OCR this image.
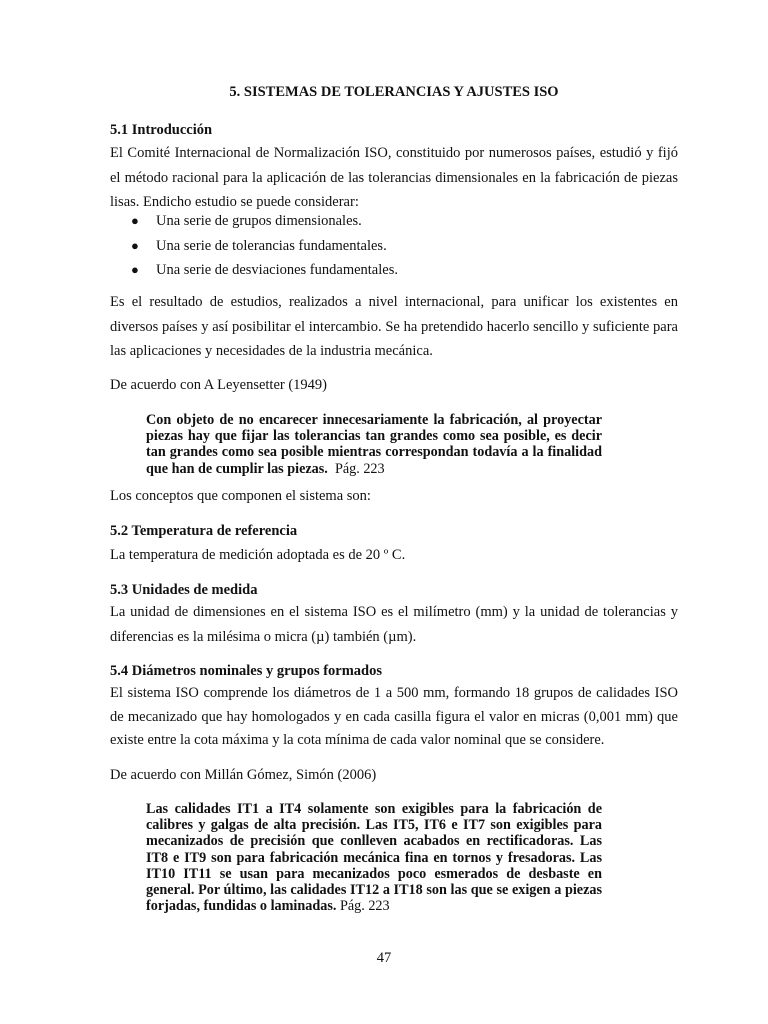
5. SISTEMAS DE TOLERANCIAS Y AJUSTES ISO

5.1 Introducción

El Comité Internacional de Normalización ISO, constituido por numerosos países, estudió y fijó el método racional para la aplicación de las tolerancias dimensionales en la fabricación de piezas lisas. Endicho estudio se puede considerar:

● Una serie de grupos dimensionales.
● Una serie de tolerancias fundamentales.
● Una serie de desviaciones fundamentales.

Es el resultado de estudios, realizados a nivel internacional, para unificar los existentes en diversos países y así posibilitar el intercambio. Se ha pretendido hacerlo sencillo y suficiente para las aplicaciones y necesidades de la industria mecánica.

De acuerdo con A Leyensetter (1949)

Con objeto de no encarecer innecesariamente la fabricación, al proyectar piezas hay que fijar las tolerancias tan grandes como sea posible, es decir tan grandes como sea posible mientras correspondan todavía a la finalidad que han de cumplir las piezas. Pág. 223

Los conceptos que componen el sistema son:

5.2 Temperatura de referencia

La temperatura de medición adoptada es de 20 º C.

5.3 Unidades de medida

La unidad de dimensiones en el sistema ISO es el milímetro (mm) y la unidad de tolerancias y diferencias es la milésima o micra (µ) también (µm).

5.4 Diámetros nominales y grupos formados

El sistema ISO comprende los diámetros de 1 a 500 mm, formando 18 grupos de calidades ISO de mecanizado que hay homologados y en cada casilla figura el valor en micras (0,001 mm) que existe entre la cota máxima y la cota mínima de cada valor nominal que se considere.

De acuerdo con Millán Gómez, Simón (2006)

Las calidades IT1 a IT4 solamente son exigibles para la fabricación de calibres y galgas de alta precisión. Las IT5, IT6 e IT7 son exigibles para mecanizados de precisión que conlleven acabados en rectificadoras. Las IT8 e IT9 son para fabricación mecánica fina en tornos y fresadoras. Las IT10 IT11 se usan para mecanizados poco esmerados de desbaste en general. Por último, las calidades IT12 a IT18 son las que se exigen a piezas forjadas, fundidas o laminadas. Pág. 223

47
